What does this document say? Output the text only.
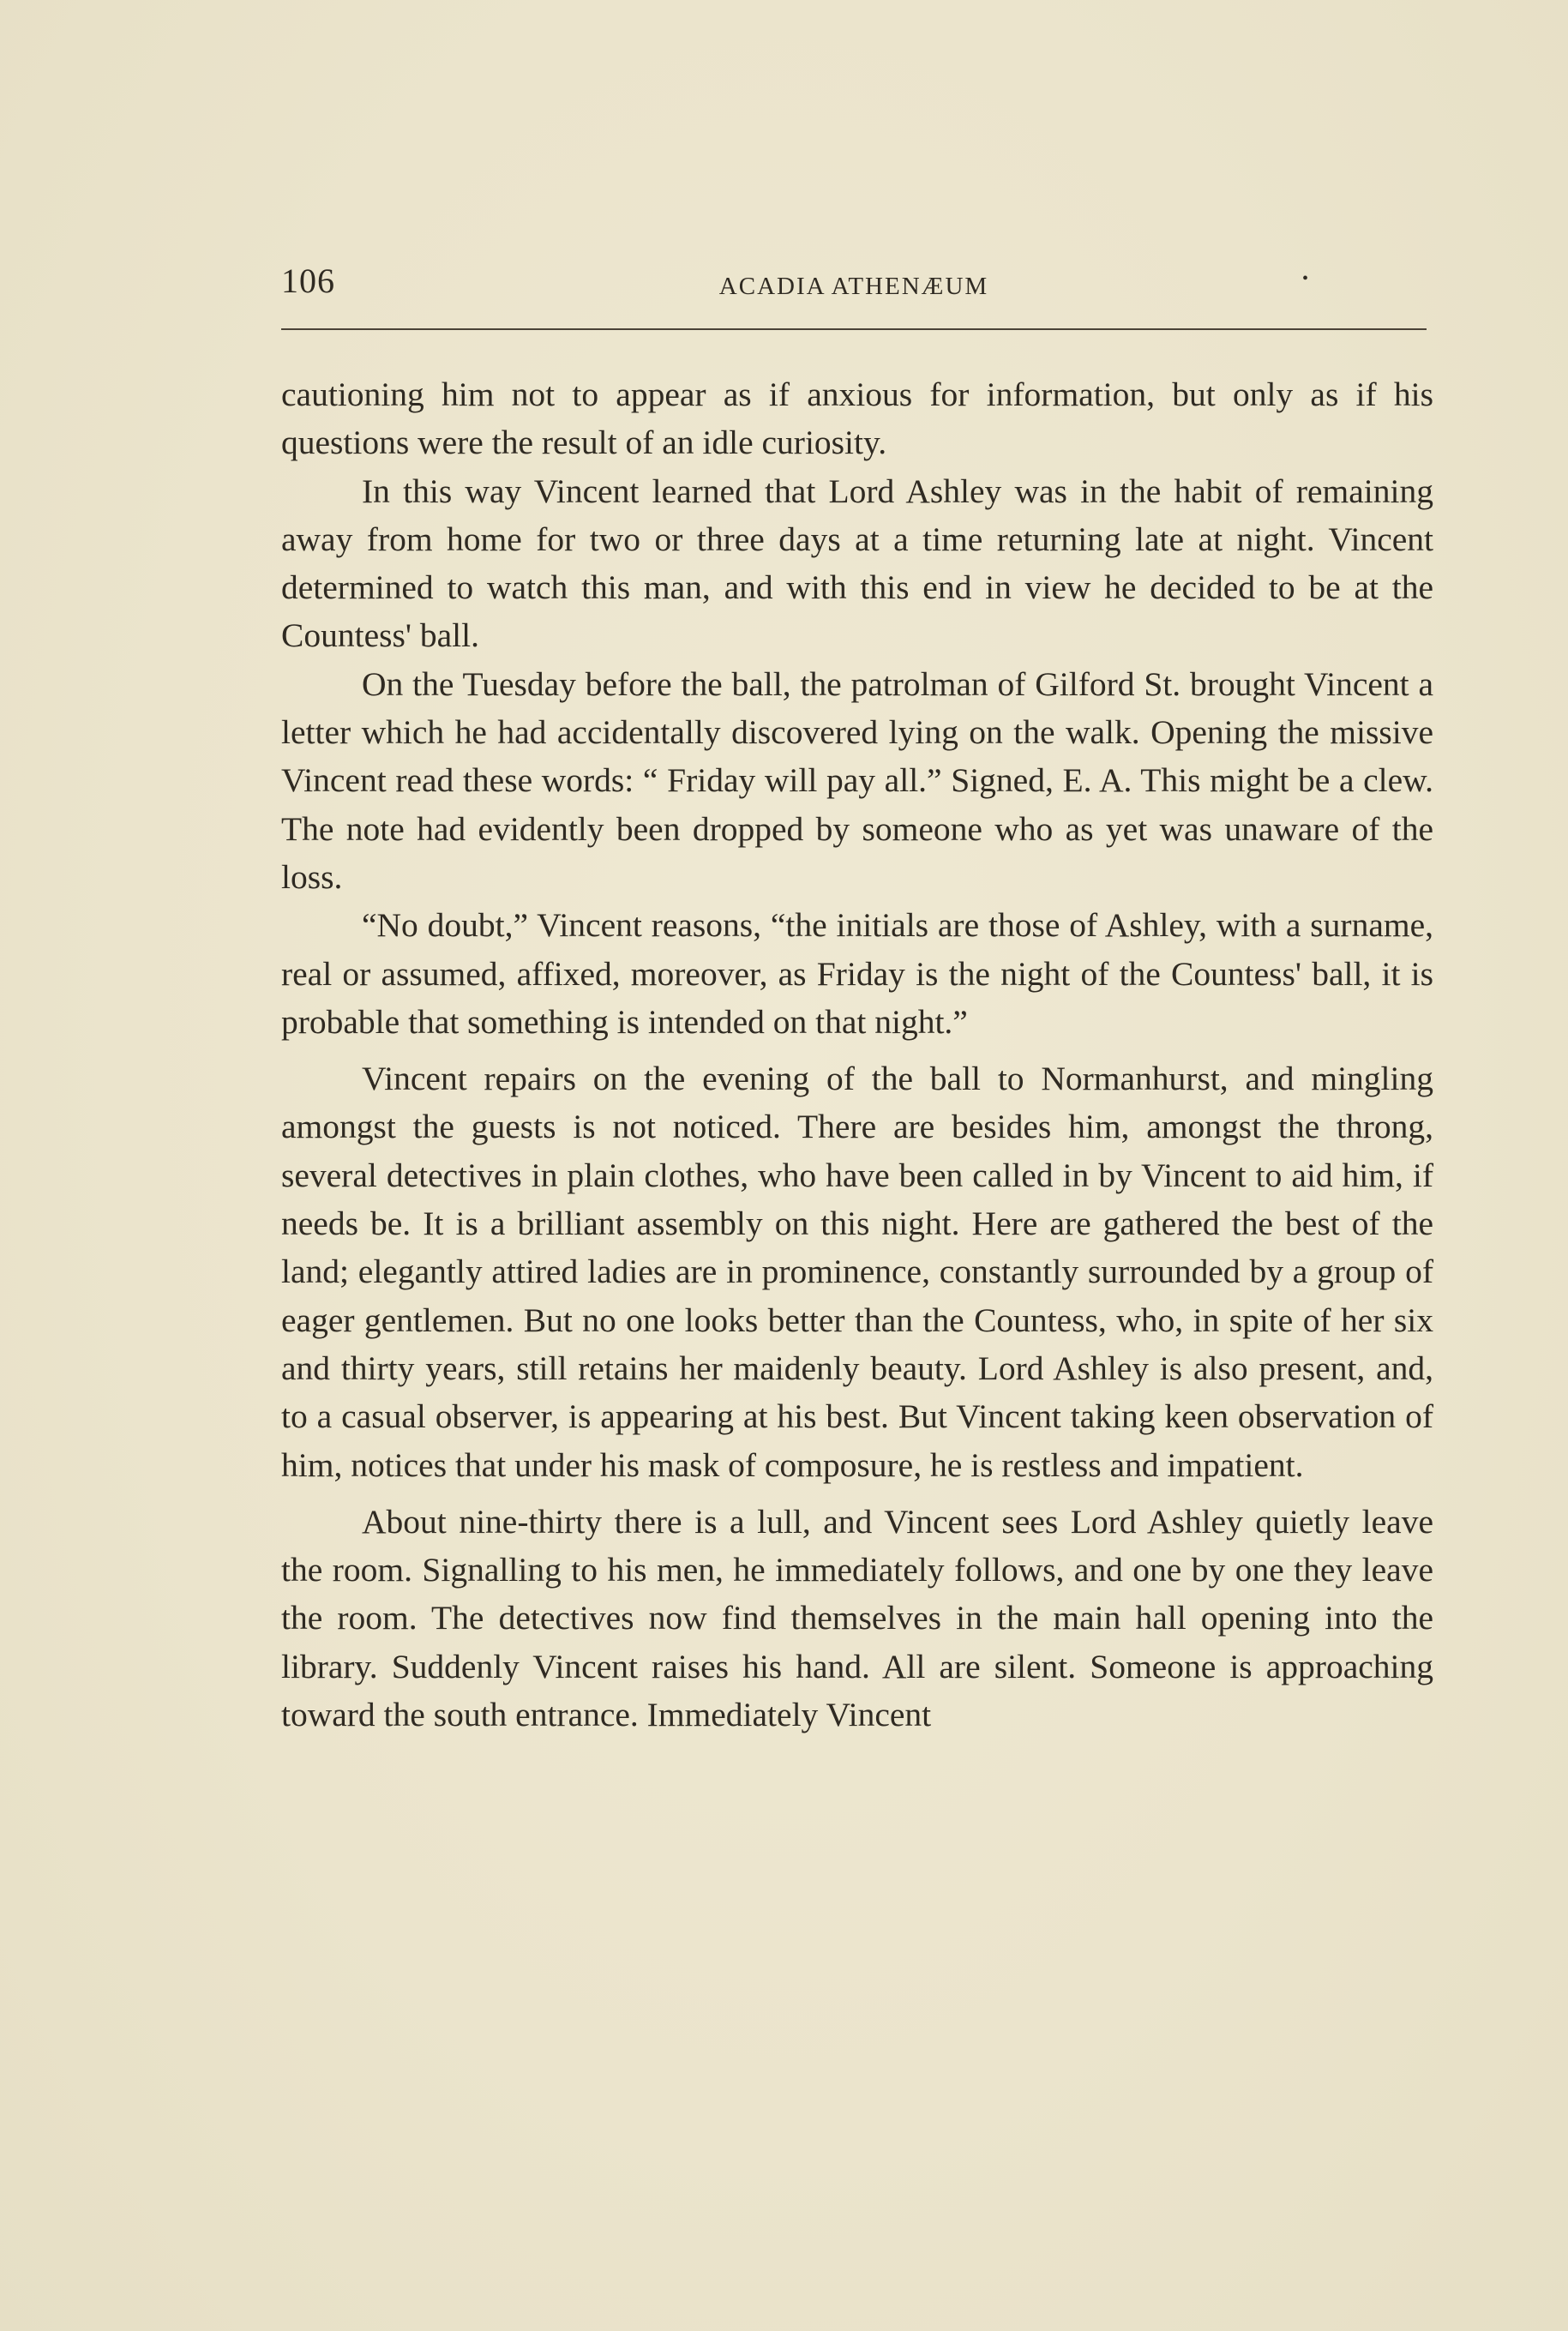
106	ACADIA ATHENÆUM	•

cautioning him not to appear as if anxious for information, but only as if his questions were the result of an idle curiosity.

In this way Vincent learned that Lord Ashley was in the habit of remaining away from home for two or three days at a time returning late at night. Vincent determined to watch this man, and with this end in view he decided to be at the Countess' ball.

On the Tuesday before the ball, the patrolman of Gilford St. brought Vincent a letter which he had accidentally discovered lying on the walk. Opening the missive Vincent read these words: “ Friday will pay all.” Signed, E. A. This might be a clew. The note had evidently been dropped by someone who as yet was unaware of the loss.

“No doubt,” Vincent reasons, “the initials are those of Ashley, with a surname, real or assumed, affixed, moreover, as Friday is the night of the Countess' ball, it is probable that something is intended on that night.”

Vincent repairs on the evening of the ball to Normanhurst, and mingling amongst the guests is not noticed. There are besides him, amongst the throng, several detectives in plain clothes, who have been called in by Vincent to aid him, if needs be. It is a brilliant assembly on this night. Here are gathered the best of the land; elegantly attired ladies are in prominence, constantly surrounded by a group of eager gentlemen. But no one looks better than the Countess, who, in spite of her six and thirty years, still retains her maidenly beauty. Lord Ashley is also present, and, to a casual observer, is appearing at his best. But Vincent taking keen observation of him, notices that under his mask of composure, he is restless and impatient.

About nine-thirty there is a lull, and Vincent sees Lord Ashley quietly leave the room. Signalling to his men, he immediately follows, and one by one they leave the room. The detectives now find themselves in the main hall opening into the library. Suddenly Vincent raises his hand. All are silent. Someone is approaching toward the south entrance. Immediately Vincent
